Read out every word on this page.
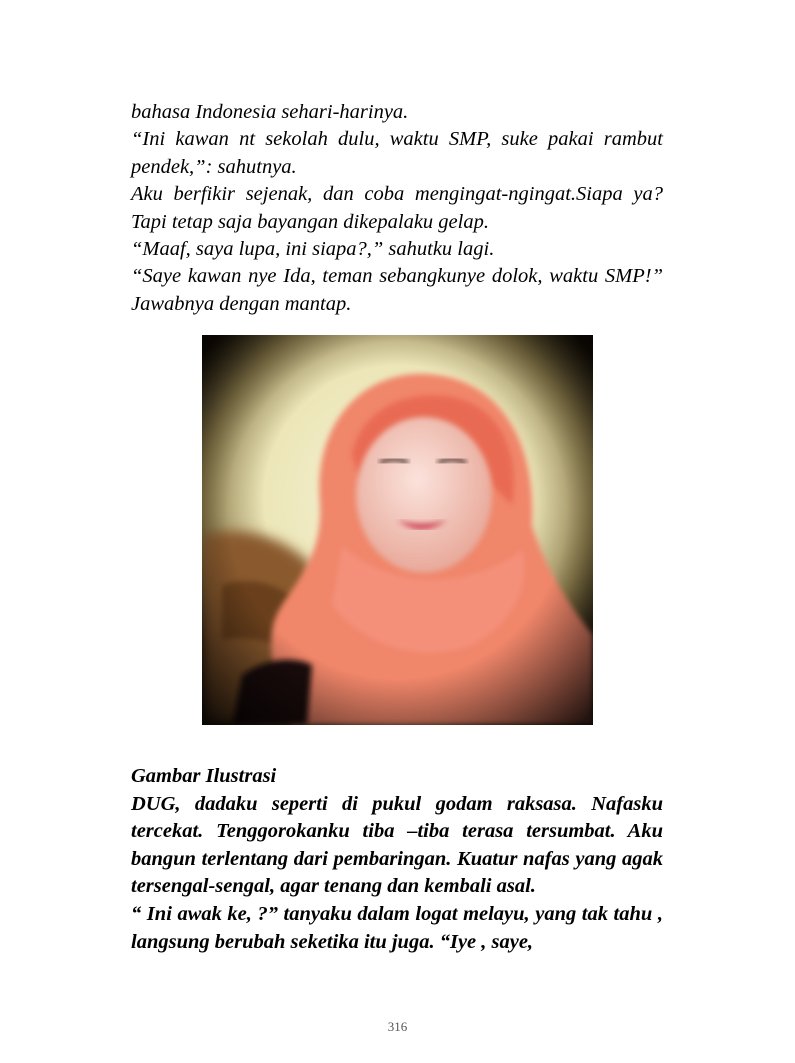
bahasa Indonesia sehari-harinya.

“Ini kawan nt sekolah dulu, waktu SMP, suke pakai rambut pendek,”: sahutnya.

Aku berfikir sejenak, dan coba mengingat-ngingat.Siapa ya? Tapi tetap saja bayangan dikepalaku gelap.

“Maaf, saya lupa, ini siapa?,” sahutku lagi.

“Saye kawan nye Ida, teman sebangkunye dolok, waktu SMP!” Jawabnya dengan mantap.

Gambar Ilustrasi

DUG, dadaku seperti di pukul godam raksasa. Nafasku tercekat. Tenggorokanku tiba –tiba terasa tersumbat. Aku bangun terlentang dari pembaringan. Kuatur nafas yang agak tersengal-sengal, agar tenang dan kembali asal.

“ Ini awak ke, ?” tanyaku dalam logat melayu, yang tak tahu , langsung berubah seketika itu juga. “Iye , saye,

316
